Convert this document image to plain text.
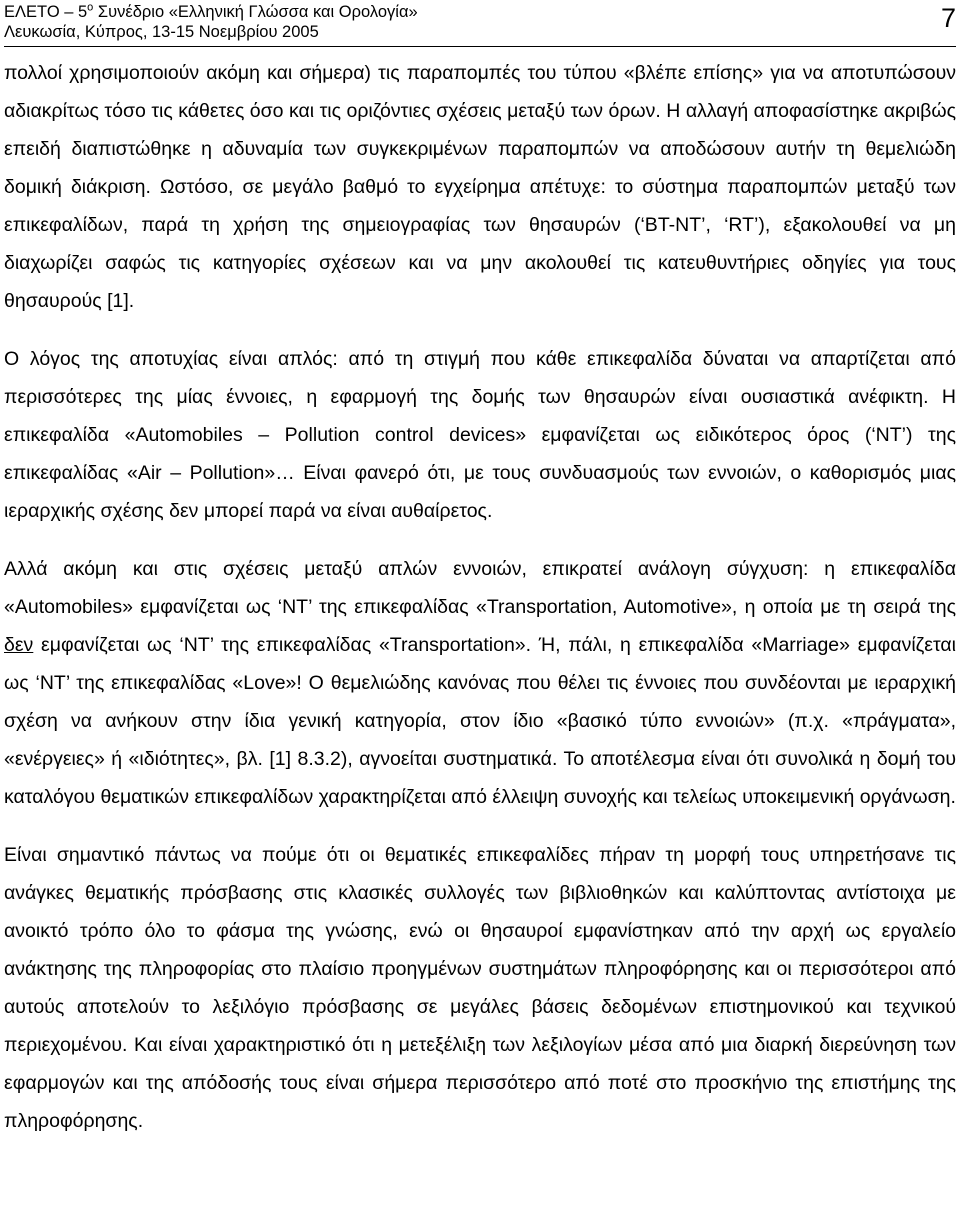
ΕΛΕΤΟ – $5^o$ Συνέδριο «Ελληνική Γλώσσα και Ορολογία»
Λευκωσία, Κύπρος, 13-15 Νοεμβρίου 2005	7

πολλοί χρησιμοποιούν ακόμη και σήμερα) τις παραπομπές του τύπου «βλέπε επίσης» για να αποτυπώσουν αδιακρίτως τόσο τις κάθετες όσο και τις οριζόντιες σχέσεις μεταξύ των όρων. Η αλλαγή αποφασίστηκε ακριβώς επειδή διαπιστώθηκε η αδυναμία των συγκεκριμένων παραπομπών να αποδώσουν αυτήν τη θεμελιώδη δομική διάκριση. Ωστόσο, σε μεγάλο βαθμό το εγχείρημα απέτυχε: το σύστημα παραπομπών μεταξύ των επικεφαλίδων, παρά τη χρήση της σημειογραφίας των θησαυρών (‘BT-NT’, ‘RT’), εξακολουθεί να μη διαχωρίζει σαφώς τις κατηγορίες σχέσεων και να μην ακολουθεί τις κατευθυντήριες οδηγίες για τους θησαυρούς [1].

Ο λόγος της αποτυχίας είναι απλός: από τη στιγμή που κάθε επικεφαλίδα δύναται να απαρτίζεται από περισσότερες της μίας έννοιες, η εφαρμογή της δομής των θησαυρών είναι ουσιαστικά ανέφικτη. Η επικεφαλίδα «Automobiles – Pollution control devices» εμφανίζεται ως ειδικότερος όρος (‘NT’) της επικεφαλίδας «Air – Pollution»… Είναι φανερό ότι, με τους συνδυασμούς των εννοιών, ο καθορισμός μιας ιεραρχικής σχέσης δεν μπορεί παρά να είναι αυθαίρετος.

Αλλά ακόμη και στις σχέσεις μεταξύ απλών εννοιών, επικρατεί ανάλογη σύγχυση: η επικεφαλίδα «Automobiles» εμφανίζεται ως ‘NT’ της επικεφαλίδας «Transportation, Automotive», η οποία με τη σειρά της δεν εμφανίζεται ως ‘NT’ της επικεφαλίδας «Transportation». Ή, πάλι, η επικεφαλίδα «Marriage» εμφανίζεται ως ‘NT’ της επικεφαλίδας «Love»! Ο θεμελιώδης κανόνας που θέλει τις έννοιες που συνδέονται με ιεραρχική σχέση να ανήκουν στην ίδια γενική κατηγορία, στον ίδιο «βασικό τύπο εννοιών» (π.χ. «πράγματα», «ενέργειες» ή «ιδιότητες», βλ. [1] 8.3.2), αγνοείται συστηματικά. Το αποτέλεσμα είναι ότι συνολικά η δομή του καταλόγου θεματικών επικεφαλίδων χαρακτηρίζεται από έλλειψη συνοχής και τελείως υποκειμενική οργάνωση.

Είναι σημαντικό πάντως να πούμε ότι οι θεματικές επικεφαλίδες πήραν τη μορφή τους υπηρετήσανε τις ανάγκες θεματικής πρόσβασης στις κλασικές συλλογές των βιβλιοθηκών και καλύπτοντας αντίστοιχα με ανοικτό τρόπο όλο το φάσμα της γνώσης, ενώ οι θησαυροί εμφανίστηκαν από την αρχή ως εργαλείο ανάκτησης της πληροφορίας στο πλαίσιο προηγμένων συστημάτων πληροφόρησης και οι περισσότεροι από αυτούς αποτελούν το λεξιλόγιο πρόσβασης σε μεγάλες βάσεις δεδομένων επιστημονικού και τεχνικού περιεχομένου. Και είναι χαρακτηριστικό ότι η μετεξέλιξη των λεξιλογίων μέσα από μια διαρκή διερεύνηση των εφαρμογών και της απόδοσής τους είναι σήμερα περισσότερο από ποτέ στο προσκήνιο της επιστήμης της πληροφόρησης.
